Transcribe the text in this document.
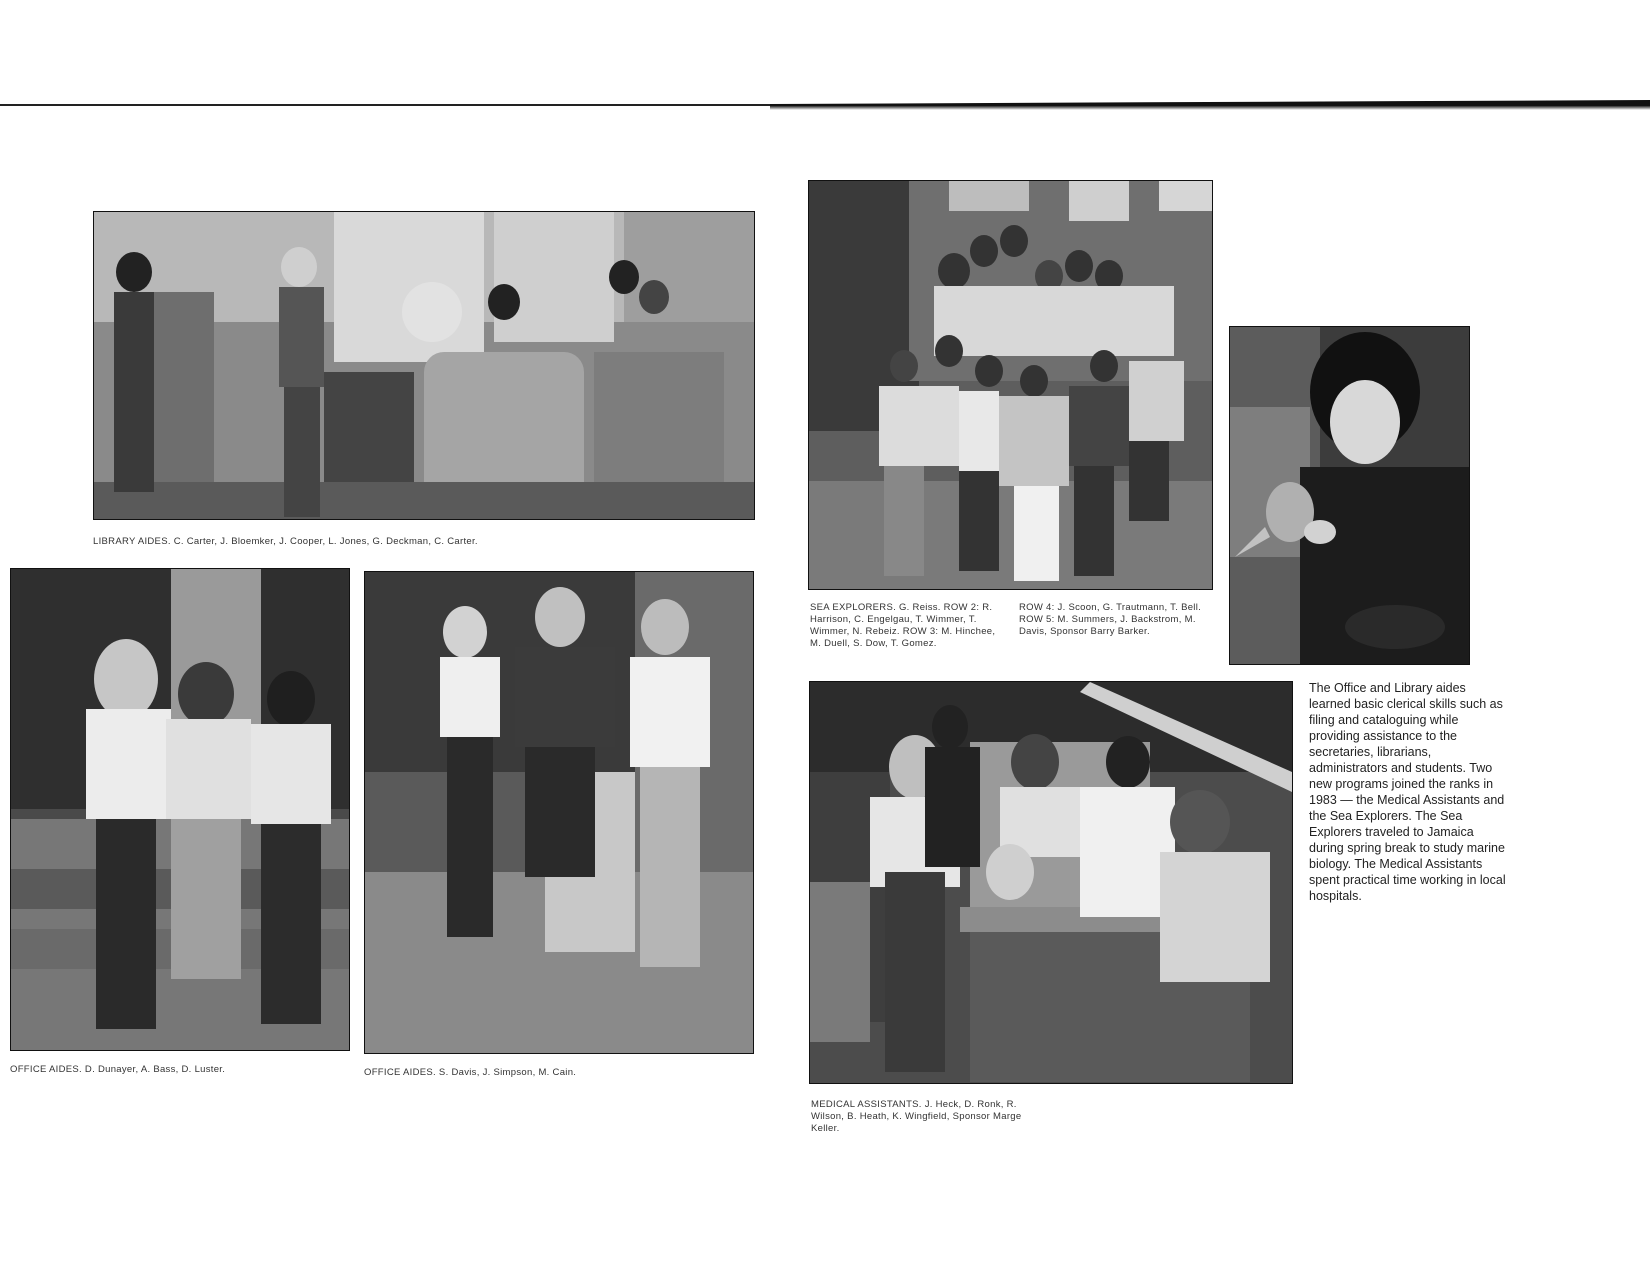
LIBRARY AIDES. C. Carter, J. Bloemker, J. Cooper, L. Jones, G. Deckman, C. Carter.
OFFICE AIDES. D. Dunayer, A. Bass, D. Luster.	OFFICE AIDES. S. Davis, J. Simpson, M. Cain.
SEA EXPLORERS. G. Reiss. ROW 2: R. Harrison, C. Engelgau, T. Wimmer, T. Wimmer, N. Rebeiz. ROW 3: M. Hinchee, M. Duell, S. Dow, T. Gomez.
ROW 4: J. Scoon, G. Trautmann, T. Bell. ROW 5: M. Summers, J. Backstrom, M. Davis, Sponsor Barry Barker.
The Office and Library aides learned basic clerical skills such as filing and cataloguing while providing assistance to the secretaries, librarians, administrators and students. Two new programs joined the ranks in 1983 — the Medical Assistants and the Sea Explorers. The Sea Explorers traveled to Jamaica during spring break to study marine biology. The Medical Assistants spent practical time working in local hospitals.
MEDICAL ASSISTANTS. J. Heck, D. Ronk, R. Wilson, B. Heath, K. Wingfield, Sponsor Marge Keller.
